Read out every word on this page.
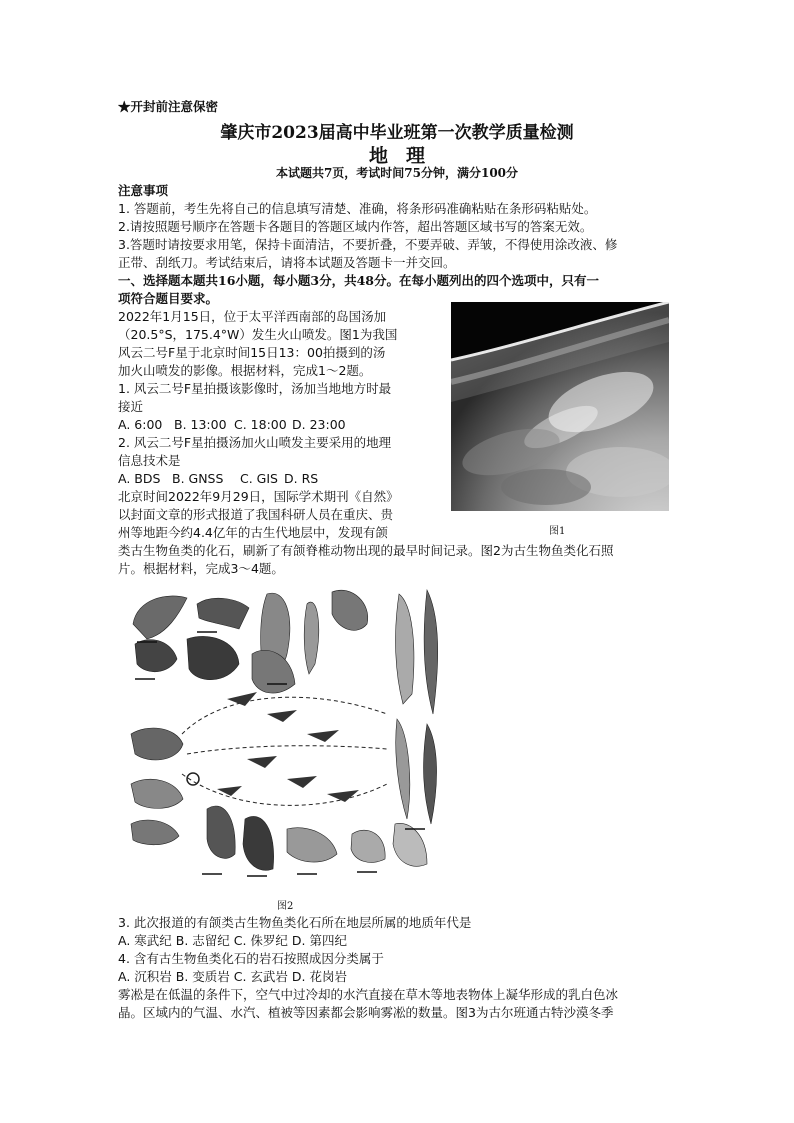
★开封前注意保密
肇庆市2023届高中毕业班第一次教学质量检测
地理
本试题共7页，考试时间75分钟，满分100分
注意事项
1. 答题前，考生先将自己的信息填写清楚、准确，将条形码准确粘贴在条形码粘贴处。
2.请按照题号顺序在答题卡各题目的答题区域内作答，超出答题区域书写的答案无效。
3.答题时请按要求用笔，保持卡面清洁，不要折叠，不要弄破、弄皱，不得使用涂改液、修
正带、刮纸刀。考试结束后，请将本试题及答题卡一并交回。
一、选择题本题共16小题，每小题3分，共48分。在每小题列出的四个选项中，只有一
项符合题目要求。
2022年1月15日，位于太平洋西南部的岛国汤加
（20.5°S，175.4°W）发生火山喷发。图1为我国
风云二号F星于北京时间15日13：00拍摄到的汤
加火山喷发的影像。根据材料，完成1～2题。
1. 风云二号F星拍摄该影像时，汤加当地地方时最
接近
A. 6:00 B. 13:00 C. 18:00 D. 23:00
2. 风云二号F星拍摄汤加火山喷发主要采用的地理
信息技术是
A. BDS B. GNSS C. GIS D. RS
图1
北京时间2022年9月29日，国际学术期刊《自然》
以封面文章的形式报道了我国科研人员在重庆、贵
州等地距今约4.4亿年的古生代地层中，发现有颌
类古生物鱼类的化石，刷新了有颌脊椎动物出现的最早时间记录。图2为古生物鱼类化石照
片。根据材料，完成3～4题。
图2
3. 此次报道的有颌类古生物鱼类化石所在地层所属的地质年代是
A. 寒武纪 B. 志留纪 C. 侏罗纪 D. 第四纪
4. 含有古生物鱼类化石的岩石按照成因分类属于
A. 沉积岩 B. 变质岩 C. 玄武岩 D. 花岗岩
雾凇是在低温的条件下，空气中过冷却的水汽直接在草木等地表物体上凝华形成的乳白色冰
晶。区域内的气温、水汽、植被等因素都会影响雾凇的数量。图3为古尔班通古特沙漠冬季
